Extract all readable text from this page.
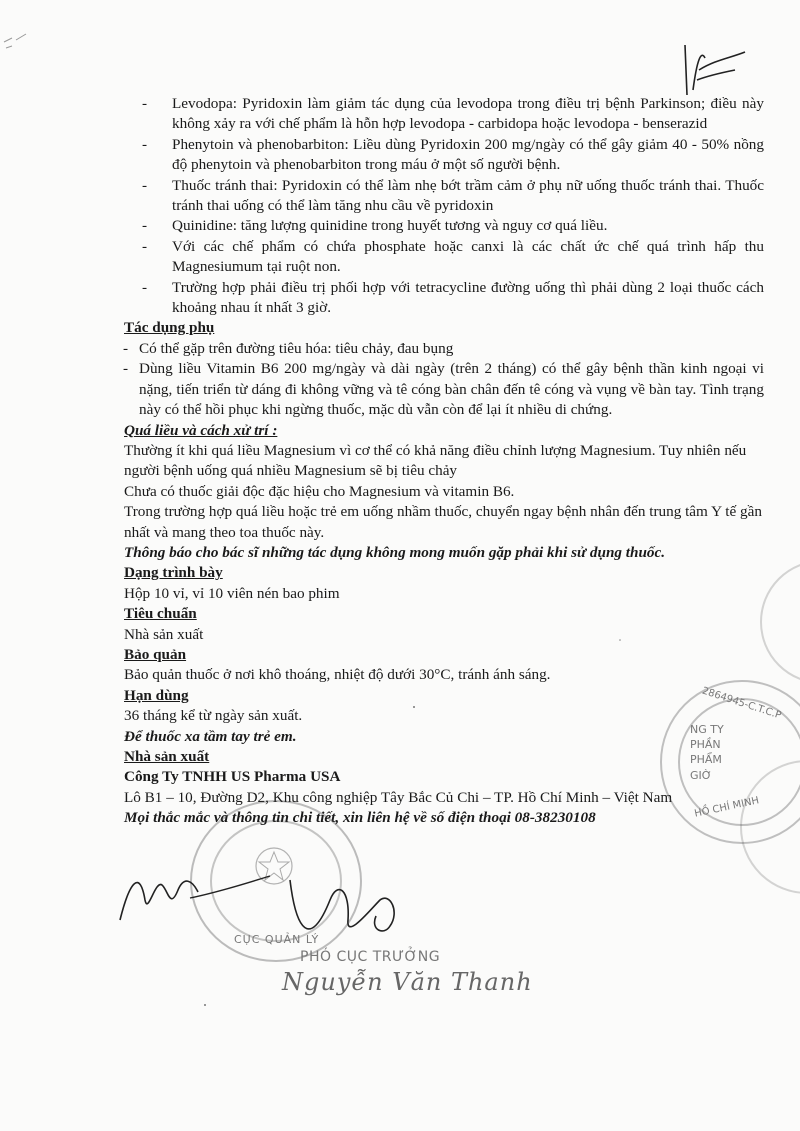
- Levodopa: Pyridoxin làm giảm tác dụng của levodopa trong điều trị bệnh Parkinson; điều này không xảy ra với chế phẩm là hỗn hợp levodopa - carbidopa hoặc levodopa - benserazid
- Phenytoin và phenobarbiton: Liều dùng Pyridoxin 200 mg/ngày có thể gây giảm 40 - 50% nồng độ phenytoin và phenobarbiton trong máu ở một số người bệnh.
- Thuốc tránh thai: Pyridoxin có thể làm nhẹ bớt trầm cảm ở phụ nữ uống thuốc tránh thai. Thuốc tránh thai uống có thể làm tăng nhu cầu về pyridoxin
- Quinidine: tăng lượng quinidine trong huyết tương và nguy cơ quá liều.
- Với các chế phẩm có chứa phosphate hoặc canxi là các chất ức chế quá trình hấp thu Magnesiumum tại ruột non.
- Trường hợp phải điều trị phối hợp với tetracycline đường uống thì phải dùng 2 loại thuốc cách khoảng nhau ít nhất 3 giờ.
Tác dụng phụ
- Có thể gặp trên đường tiêu hóa: tiêu chảy, đau bụng
- Dùng liều Vitamin B6 200 mg/ngày và dài ngày (trên 2 tháng) có thể gây bệnh thần kinh ngoại vi nặng, tiến triển từ dáng đi không vững và tê cóng bàn chân đến tê cóng và vụng về bàn tay. Tình trạng này có thể hồi phục khi ngừng thuốc, mặc dù vẫn còn để lại ít nhiều di chứng.
Quá liều và cách xử trí :

Thường ít khi quá liều Magnesium vì cơ thể có khả năng điều chỉnh lượng Magnesium. Tuy nhiên nếu người bệnh uống quá nhiều Magnesium sẽ bị tiêu chảy

Chưa có thuốc giải độc đặc hiệu cho Magnesium và vitamin B6.

Trong trường hợp quá liều hoặc trẻ em uống nhầm thuốc, chuyển ngay bệnh nhân đến trung tâm Y tế gần nhất và mang theo toa thuốc này.

Thông báo cho bác sĩ những tác dụng không mong muốn gặp phải khi sử dụng thuốc.

Dạng trình bày

Hộp 10 vỉ, vỉ 10 viên nén bao phim

Tiêu chuẩn

Nhà sản xuất

Bảo quản

Bảo quản thuốc ở nơi khô thoáng, nhiệt độ dưới 30°C, tránh ánh sáng.

Hạn dùng

36 tháng kể từ ngày sản xuất.

Để thuốc xa tầm tay trẻ em.

Nhà sản xuất

Công Ty TNHH US Pharma USA

Lô B1 – 10, Đường D2, Khu công nghiệp Tây Bắc Củ Chi – TP. Hồ Chí Minh – Việt Nam

Mọi thắc mắc và thông tin chi tiết, xin liên hệ về số điện thoại 08-38230108

2864945-C.T.C.P
NG TY
PHẦN
PHẨM
GIỜ
HỒ CHÍ MINH
CỤC QUẢN LÝ
PHÓ CỤC TRƯỞNG
Nguyễn Văn Thanh
